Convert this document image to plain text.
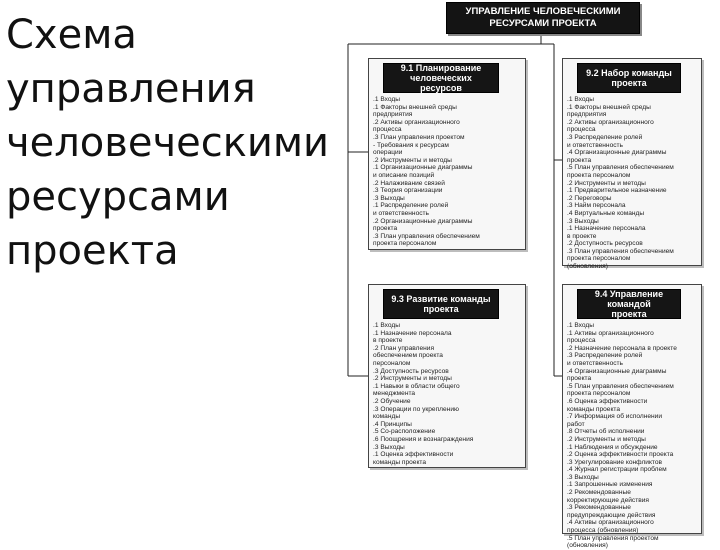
Схема
управления
человеческими
ресурсами
проекта
УПРАВЛЕНИЕ ЧЕЛОВЕЧЕСКИМИ
РЕСУРСАМИ ПРОЕКТА
9.1 Планирование
человеческих
ресурсов
.1 Входы
.1 Факторы внешней среды
предприятия
.2 Активы организационного
процесса
.3 План управления проектом
- Требования к ресурсам
операции
.2 Инструменты и методы
.1 Организационные диаграммы
и описание позиций
.2 Налаживание связей
.3 Теория организации
.3 Выходы
.1 Распределение ролей
и ответственность
.2 Организационные диаграммы
проекта
.3 План управления обеспечением
проекта персоналом
9.2 Набор команды
проекта
.1 Входы
.1 Факторы внешней среды
предприятия
.2 Активы организационного
процесса
.3 Распределение ролей
и ответственность
.4 Организационные диаграммы
проекта
.5 План управления обеспечением
проекта персоналом
.2 Инструменты и методы
.1 Предварительное назначение
.2 Переговоры
.3 Найм персонала
.4 Виртуальные команды
.3 Выходы
.1 Назначение персонала
в проекте
.2 Доступность ресурсов
.3 План управления обеспечением
проекта персоналом
(обновления)
9.3 Развитие команды
проекта
.1 Входы
.1 Назначение персонала
в проекте
.2 План управления
обеспечением проекта
персоналом
.3 Доступность ресурсов
.2 Инструменты и методы
.1 Навыки в области общего
менеджмента
.2 Обучение
.3 Операции по укреплению
команды
.4 Принципы
.5 Со-расположение
.6 Поощрения и вознаграждения
.3 Выходы
.1 Оценка эффективности
команды проекта
9.4 Управление командой
проекта
.1 Входы
.1 Активы организационного
процесса
.2 Назначение персонала в проекте
.3 Распределение ролей
и ответственность
.4 Организационные диаграммы
проекта
.5 План управления обеспечением
проекта персоналом
.6 Оценка эффективности
команды проекта
.7 Информация об исполнении
работ
.8 Отчеты об исполнении
.2 Инструменты и методы
.1 Наблюдения и обсуждение
.2 Оценка эффективности проекта
.3 Урегулирование конфликтов
.4 Журнал регистрации проблем
.3 Выходы
.1 Запрошенные изменения
.2 Рекомендованные
корректирующие действия
.3 Рекомендованные
предупреждающие действия
.4 Активы организационного
процесса (обновления)
.5 План управления проектом
(обновления)
